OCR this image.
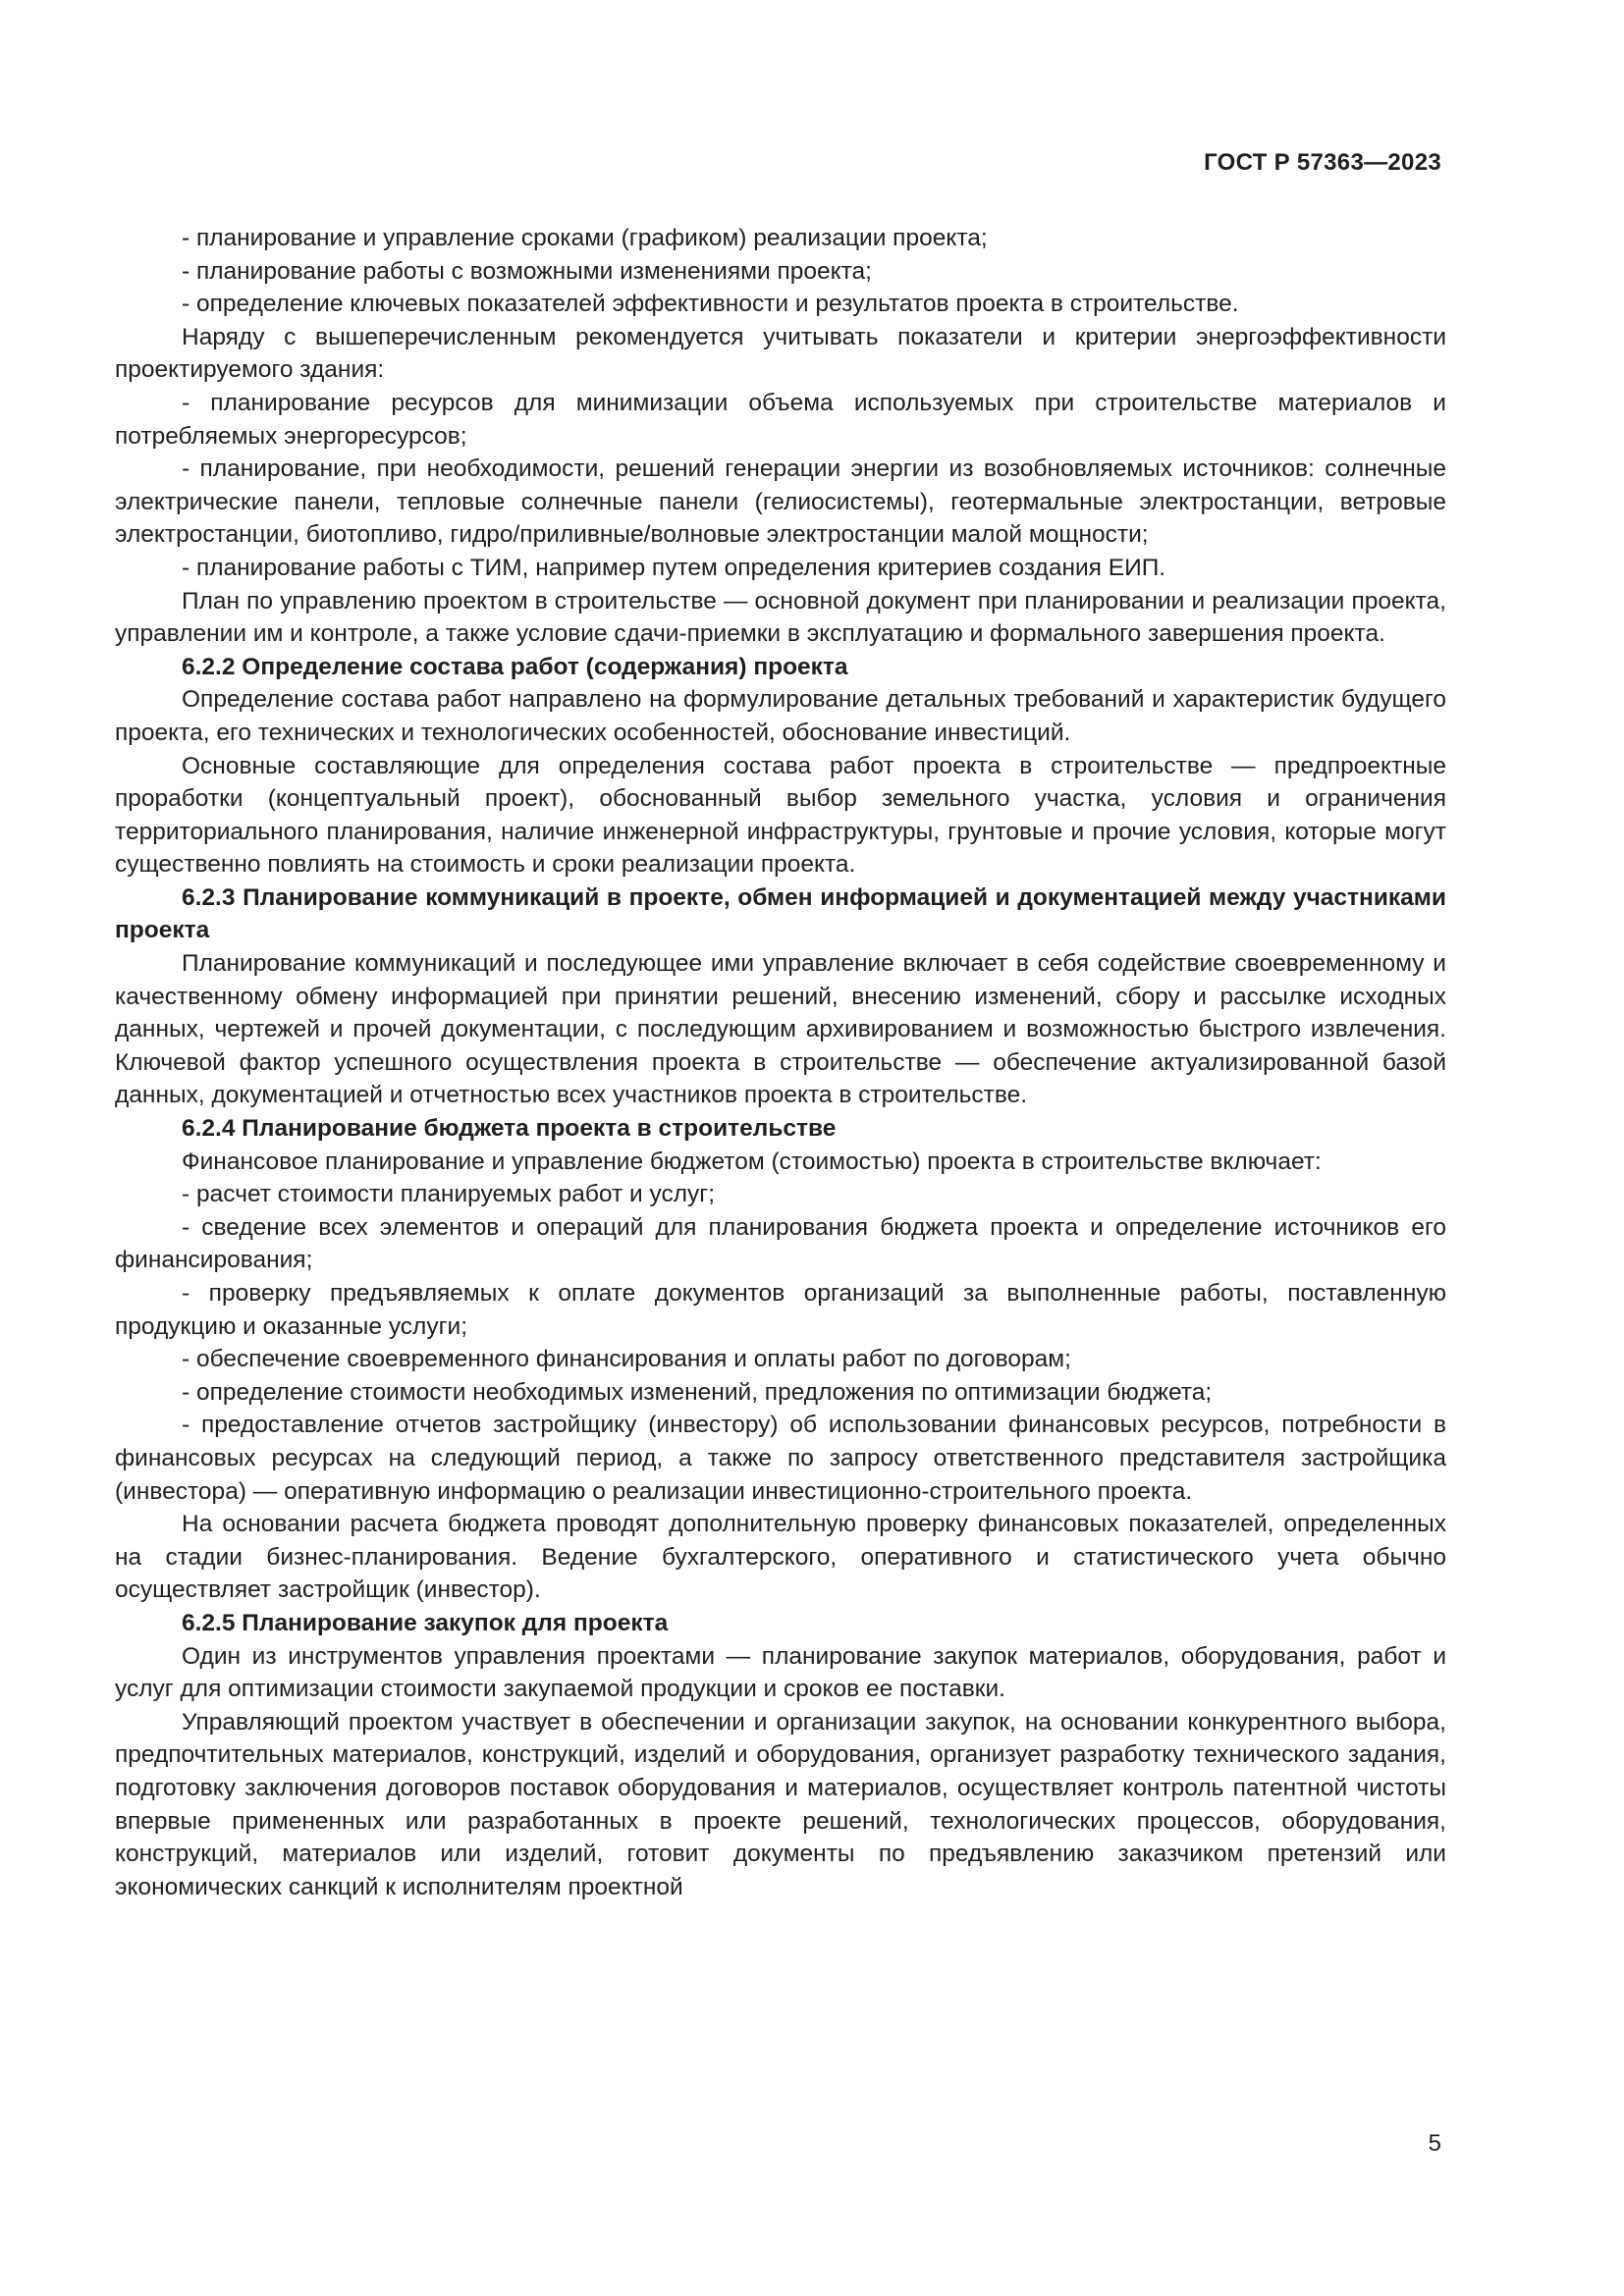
ГОСТ Р 57363—2023

- планирование и управление сроками (графиком) реализации проекта;

- планирование работы с возможными изменениями проекта;

- определение ключевых показателей эффективности и результатов проекта в строительстве.

Наряду с вышеперечисленным рекомендуется учитывать показатели и критерии энергоэффективности проектируемого здания:

- планирование ресурсов для минимизации объема используемых при строительстве материалов и потребляемых энергоресурсов;

- планирование, при необходимости, решений генерации энергии из возобновляемых источников: солнечные электрические панели, тепловые солнечные панели (гелиосистемы), геотермальные электростанции, ветровые электростанции, биотопливо, гидро/приливные/волновые электростанции малой мощности;

- планирование работы с ТИМ, например путем определения критериев создания ЕИП.

План по управлению проектом в строительстве — основной документ при планировании и реализации проекта, управлении им и контроле, а также условие сдачи-приемки в эксплуатацию и формального завершения проекта.

6.2.2 Определение состава работ (содержания) проекта

Определение состава работ направлено на формулирование детальных требований и характеристик будущего проекта, его технических и технологических особенностей, обоснование инвестиций.

Основные составляющие для определения состава работ проекта в строительстве — предпроектные проработки (концептуальный проект), обоснованный выбор земельного участка, условия и ограничения территориального планирования, наличие инженерной инфраструктуры, грунтовые и прочие условия, которые могут существенно повлиять на стоимость и сроки реализации проекта.

6.2.3 Планирование коммуникаций в проекте, обмен информацией и документацией между участниками проекта

Планирование коммуникаций и последующее ими управление включает в себя содействие своевременному и качественному обмену информацией при принятии решений, внесению изменений, сбору и рассылке исходных данных, чертежей и прочей документации, с последующим архивированием и возможностью быстрого извлечения. Ключевой фактор успешного осуществления проекта в строительстве — обеспечение актуализированной базой данных, документацией и отчетностью всех участников проекта в строительстве.

6.2.4 Планирование бюджета проекта в строительстве

Финансовое планирование и управление бюджетом (стоимостью) проекта в строительстве включает:

- расчет стоимости планируемых работ и услуг;

- сведение всех элементов и операций для планирования бюджета проекта и определение источников его финансирования;

- проверку предъявляемых к оплате документов организаций за выполненные работы, поставленную продукцию и оказанные услуги;

- обеспечение своевременного финансирования и оплаты работ по договорам;

- определение стоимости необходимых изменений, предложения по оптимизации бюджета;

- предоставление отчетов застройщику (инвестору) об использовании финансовых ресурсов, потребности в финансовых ресурсах на следующий период, а также по запросу ответственного представителя застройщика (инвестора) — оперативную информацию о реализации инвестиционно-строительного проекта.

На основании расчета бюджета проводят дополнительную проверку финансовых показателей, определенных на стадии бизнес-планирования. Ведение бухгалтерского, оперативного и статистического учета обычно осуществляет застройщик (инвестор).

6.2.5 Планирование закупок для проекта

Один из инструментов управления проектами — планирование закупок материалов, оборудования, работ и услуг для оптимизации стоимости закупаемой продукции и сроков ее поставки.

Управляющий проектом участвует в обеспечении и организации закупок, на основании конкурентного выбора, предпочтительных материалов, конструкций, изделий и оборудования, организует разработку технического задания, подготовку заключения договоров поставок оборудования и материалов, осуществляет контроль патентной чистоты впервые примененных или разработанных в проекте решений, технологических процессов, оборудования, конструкций, материалов или изделий, готовит документы по предъявлению заказчиком претензий или экономических санкций к исполнителям проектной

5
